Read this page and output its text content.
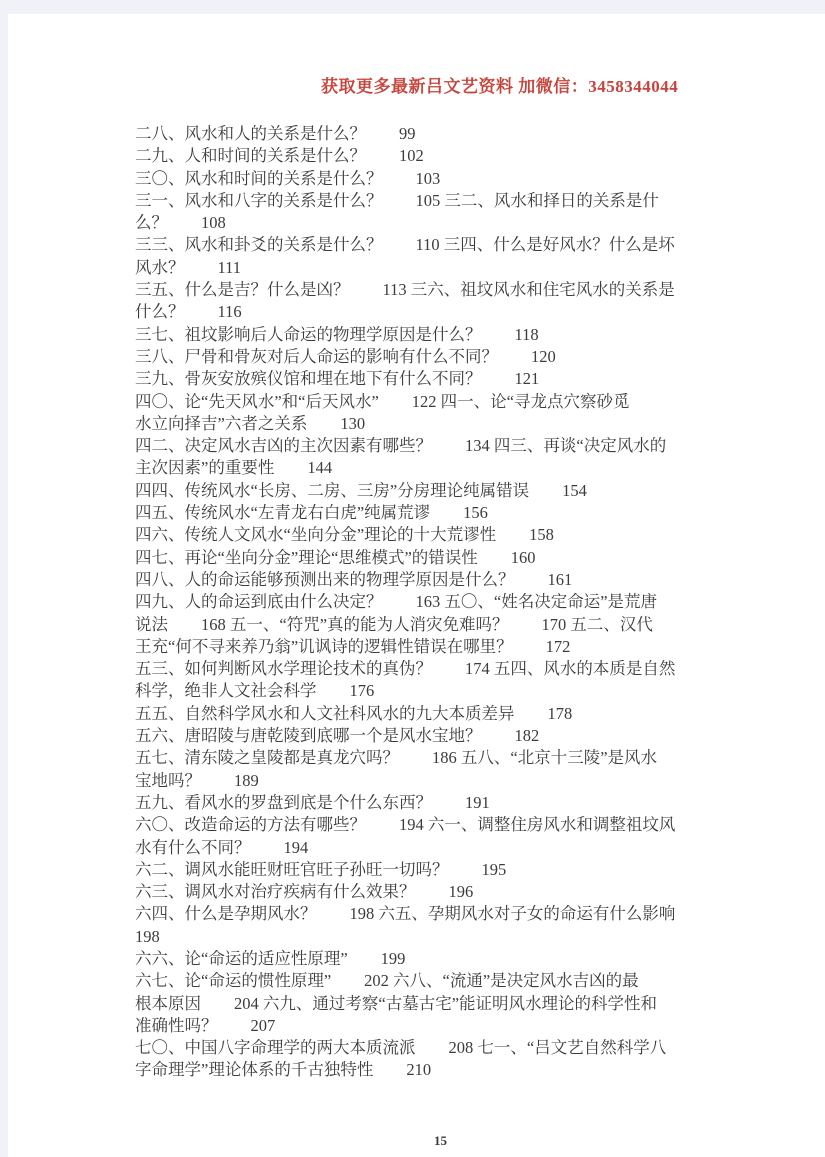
获取更多最新吕文艺资料 加微信：3458344044
二八、风水和人的关系是什么？　　99
二九、人和时间的关系是什么？　　102
三〇、风水和时间的关系是什么？　　103
三一、风水和八字的关系是什么？　　105 三二、风水和择日的关系是什
么？　　108
三三、风水和卦爻的关系是什么？　　110 三四、什么是好风水？什么是坏
风水？　　111
三五、什么是吉？什么是凶？　　113 三六、祖坟风水和住宅风水的关系是
什么？　　116
三七、祖坟影响后人命运的物理学原因是什么？　　118
三八、尸骨和骨灰对后人命运的影响有什么不同？　　120
三九、骨灰安放殡仪馆和埋在地下有什么不同？　　121
四〇、论“先天风水”和“后天风水”　　122 四一、论“寻龙点穴察砂觅
水立向择吉”六者之关系　　130
四二、决定风水吉凶的主次因素有哪些？　　134 四三、再谈“决定风水的
主次因素”的重要性　　144
四四、传统风水“长房、二房、三房”分房理论纯属错误　　154
四五、传统风水“左青龙右白虎”纯属荒谬　　156
四六、传统人文风水“坐向分金”理论的十大荒谬性　　158
四七、再论“坐向分金”理论“思维模式”的错误性　　160
四八、人的命运能够预测出来的物理学原因是什么？　　161
四九、人的命运到底由什么决定？　　163 五〇、“姓名决定命运”是荒唐
说法　　168 五一、“符咒”真的能为人消灾免难吗？　　170 五二、汉代
王充“何不寻来养乃翁”讥讽诗的逻辑性错误在哪里？　　172
五三、如何判断风水学理论技术的真伪？　　174 五四、风水的本质是自然
科学，绝非人文社会科学　　176
五五、自然科学风水和人文社科风水的九大本质差异　　178
五六、唐昭陵与唐乾陵到底哪一个是风水宝地？　　182
五七、清东陵之皇陵都是真龙穴吗？　　186 五八、“北京十三陵”是风水
宝地吗？　　189
五九、看风水的罗盘到底是个什么东西？　　191
六〇、改造命运的方法有哪些？　　194 六一、调整住房风水和调整祖坟风
水有什么不同？　　194
六二、调风水能旺财旺官旺子孙旺一切吗？　　195
六三、调风水对治疗疾病有什么效果？　　196
六四、什么是孕期风水？　　198 六五、孕期风水对子女的命运有什么影响
198
六六、论“命运的适应性原理”　　199
六七、论“命运的惯性原理”　　202 六八、“流通”是决定风水吉凶的最
根本原因　　204 六九、通过考察“古墓古宅”能证明风水理论的科学性和
准确性吗？　　207
七〇、中国八字命理学的两大本质流派　　208 七一、“吕文艺自然科学八
字命理学”理论体系的千古独特性　　210
15
